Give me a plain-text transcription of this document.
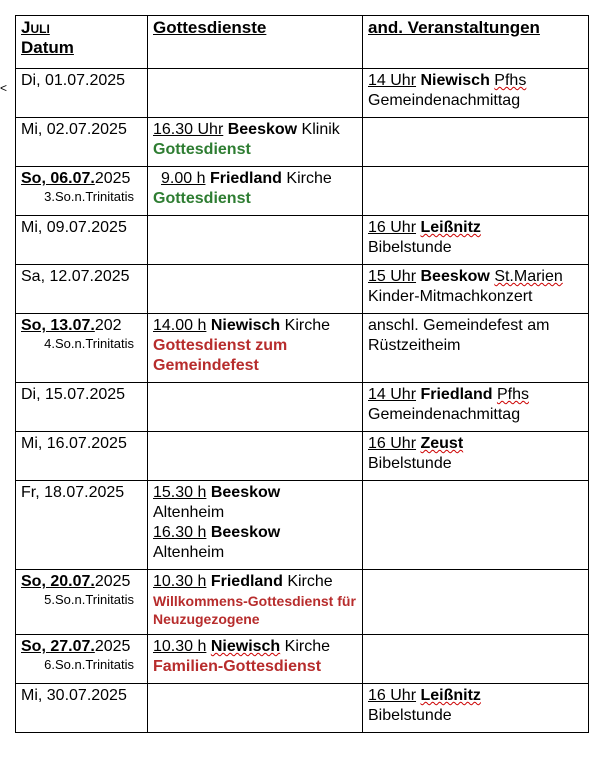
<
Juli
Datum	Gottesdienste	and. Veranstaltungen
Di, 01.07.2025		14 Uhr Niewisch Pfhs
Gemeindenachmittag

Mi, 02.07.2025	16.30 Uhr Beeskow Klinik
Gottesdienst	

So, 06.07.2025
3.So.n.Trinitatis	9.00 h Friedland Kirche
Gottesdienst	

Mi, 09.07.2025		16 Uhr Leißnitz
Bibelstunde

Sa, 12.07.2025		15 Uhr Beeskow St.Marien
Kinder-Mitmachkonzert

So, 13.07.202
4.So.n.Trinitatis	14.00 h Niewisch Kirche
Gottesdienst zum Gemeindefest	anschl. Gemeindefest am Rüstzeitheim
Di, 15.07.2025		14 Uhr Friedland Pfhs
Gemeindenachmittag

Mi, 16.07.2025		16 Uhr Zeust
Bibelstunde

Fr, 18.07.2025	15.30 h Beeskow
Altenheim
16.30 h Beeskow
Altenheim	

So, 20.07.2025
5.So.n.Trinitatis	10.30 h Friedland Kirche
Willkommens-Gottesdienst für Neuzugezogene	

So, 27.07.2025
6.So.n.Trinitatis	10.30 h Niewisch Kirche
Familien-Gottesdienst	

Mi, 30.07.2025		16 Uhr Leißnitz
Bibelstunde
